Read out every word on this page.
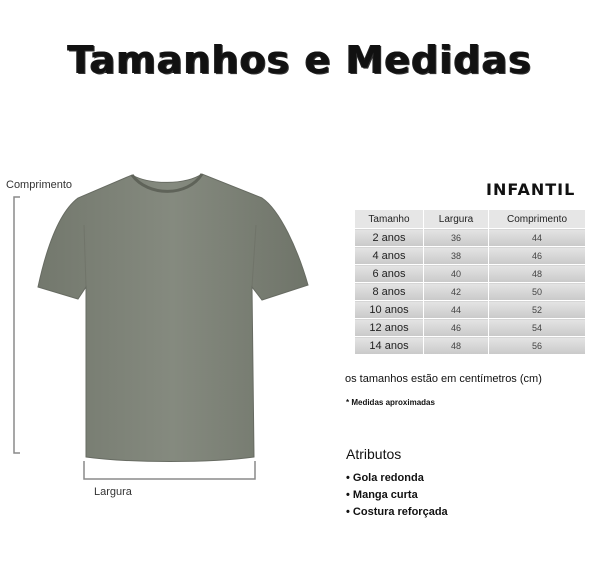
Tamanhos e Medidas
Comprimento
Largura
INFANTIL
Tamanho	Largura	Comprimento
2 anos	36	44
4 anos	38	46
6 anos	40	48
8 anos	42	50
10 anos	44	52
12 anos	46	54
14 anos	48	56
os tamanhos estão em centímetros (cm)
* Medidas aproximadas
Atributos
• Gola redonda
• Manga curta
• Costura reforçada
